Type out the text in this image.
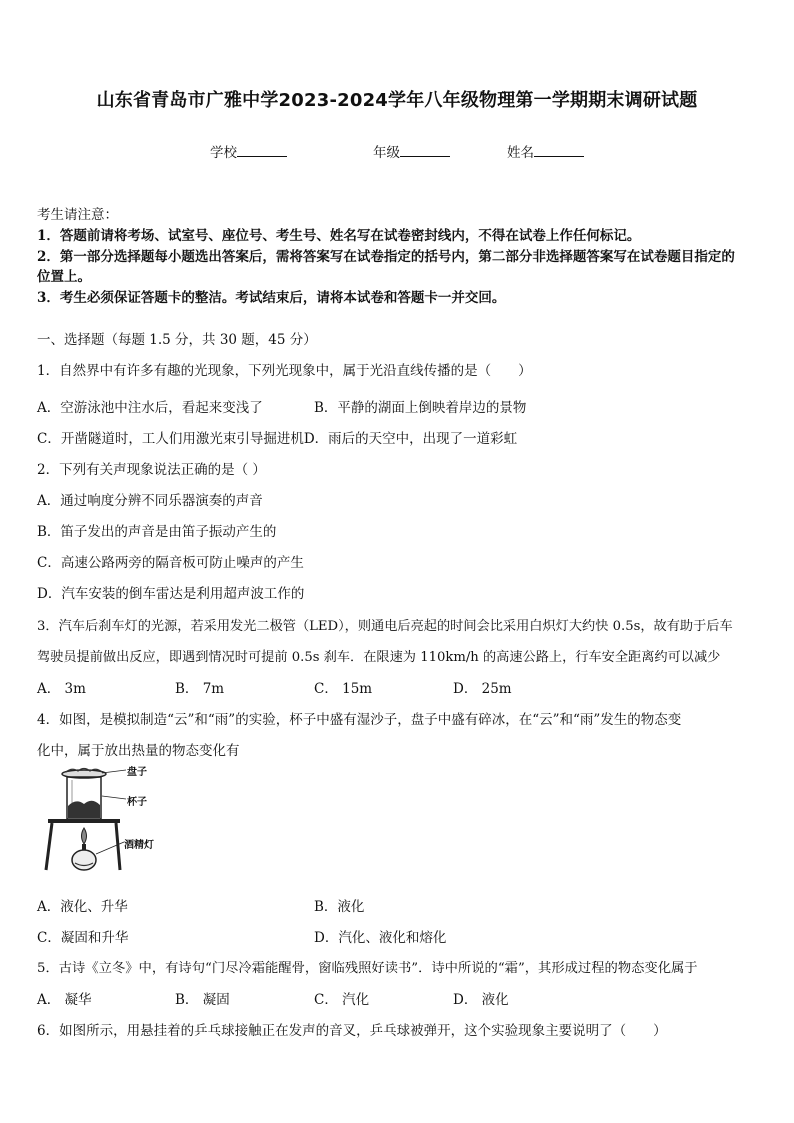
山东省青岛市广雅中学2023-2024学年八年级物理第一学期期末调研试题
学校	年级	姓名
考生请注意：
1．答题前请将考场、试室号、座位号、考生号、姓名写在试卷密封线内，不得在试卷上作任何标记。
2．第一部分选择题每小题选出答案后，需将答案写在试卷指定的括号内，第二部分非选择题答案写在试卷题目指定的
位置上。
3．考生必须保证答题卡的整洁。考试结束后，请将本试卷和答题卡一并交回。
一、选择题（每题 1.5 分，共 30 题，45 分）
1．自然界中有许多有趣的光现象，下列光现象中，属于光沿直线传播的是（　　）
A．空游泳池中注水后，看起来变浅了	B．平静的湖面上倒映着岸边的景物
C．开凿隧道时，工人们用激光束引导掘进机D．雨后的天空中，出现了一道彩虹
2．下列有关声现象说法正确的是（ ）
A．通过响度分辨不同乐器演奏的声音
B．笛子发出的声音是由笛子振动产生的
C．高速公路两旁的隔音板可防止噪声的产生
D．汽车安装的倒车雷达是利用超声波工作的
3．汽车后刹车灯的光源，若采用发光二极管（LED），则通电后亮起的时间会比采用白炽灯大约快 0.5s，故有助于后车
驾驶员提前做出反应，即遇到情况时可提前 0.5s 刹车．在限速为 110km/h 的高速公路上，行车安全距离约可以减少
A． 3m	B． 7m	C． 15m	D． 25m
4．如图，是模拟制造“云”和“雨”的实验，杯子中盛有湿沙子，盘子中盛有碎冰，在“云”和“雨”发生的物态变
化中，属于放出热量的物态变化有
盘子
杯子
酒精灯
A．液化、升华	B．液化
C．凝固和升华	D．汽化、液化和熔化
5．古诗《立冬》中，有诗句“门尽冷霜能醒骨，窗临残照好读书”．诗中所说的“霜”，其形成过程的物态变化属于
A． 凝华	B． 凝固	C． 汽化	D． 液化
6．如图所示，用悬挂着的乒乓球接触正在发声的音叉，乒乓球被弹开，这个实验现象主要说明了（　　）
